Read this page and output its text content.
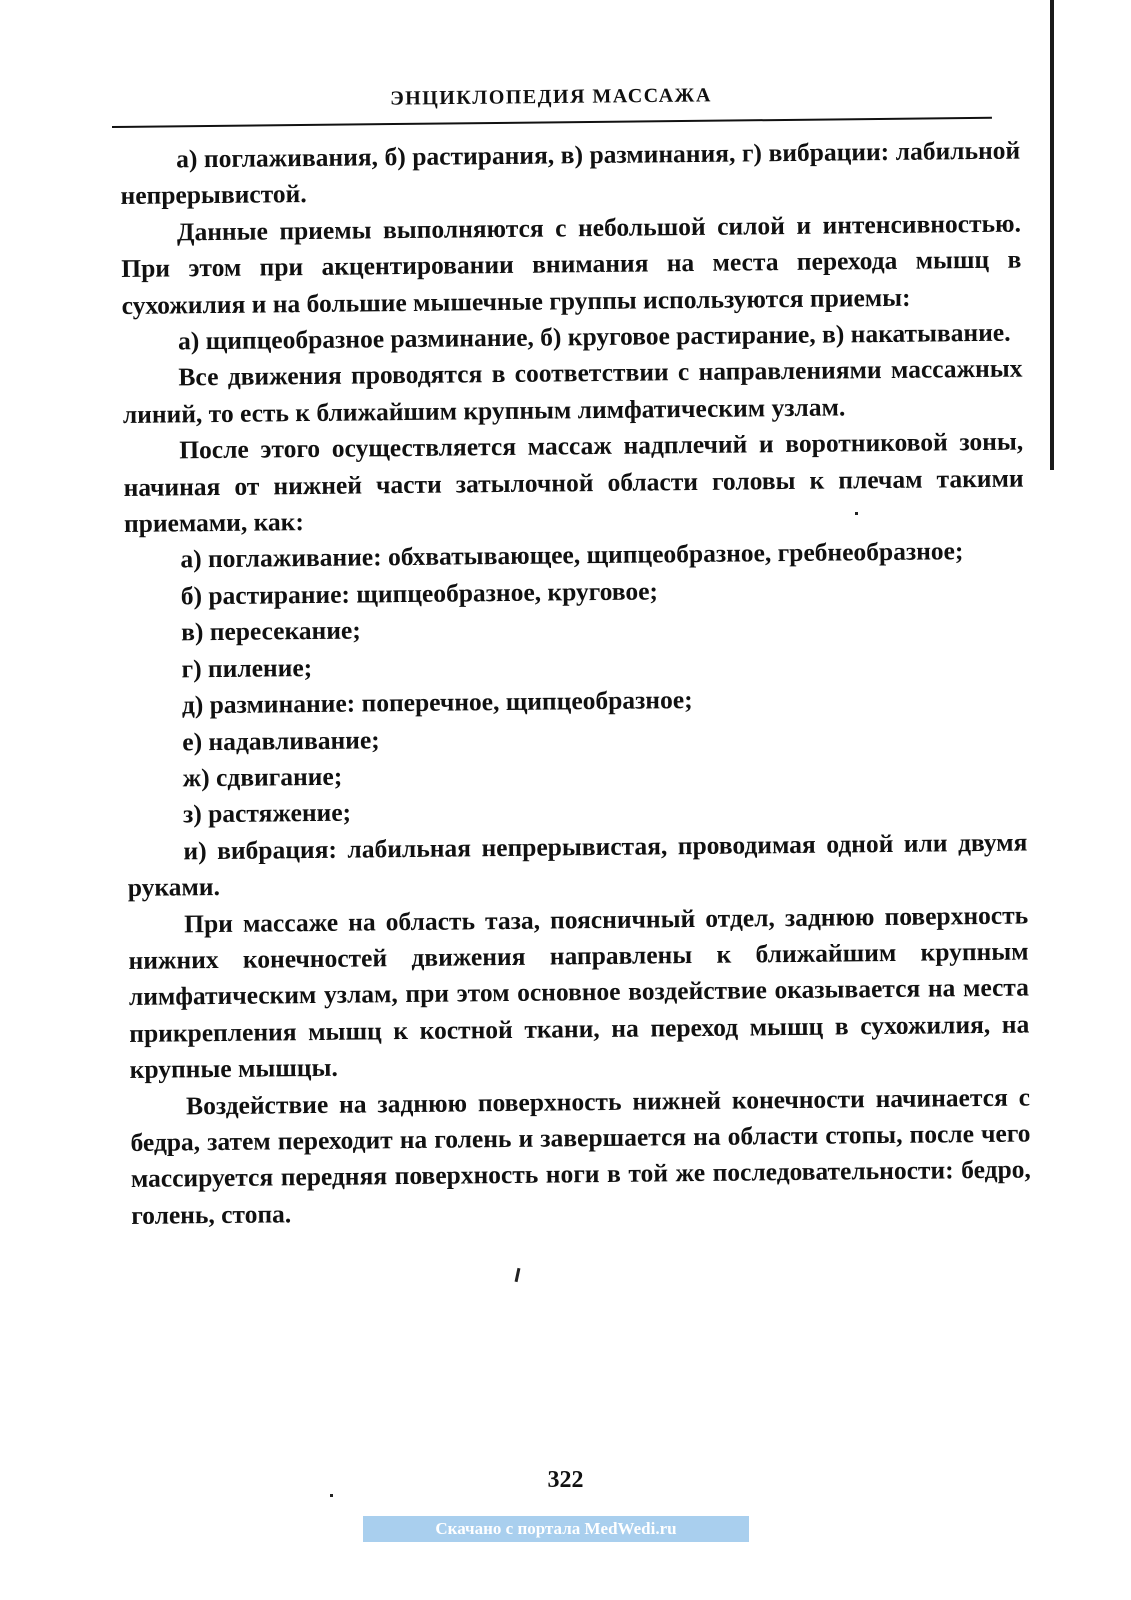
ЭНЦИКЛОПЕДИЯ МАССАЖА

а) поглаживания, б) растирания, в) разминания, г) вибрации: лабильной непрерывистой.

Данные приемы выполняются с небольшой силой и интенсивностью. При этом при акцентировании внимания на места перехода мышц в сухожилия и на большие мышечные группы используются приемы:

а) щипцеобразное разминание, б) круговое растирание, в) накатывание.

Все движения проводятся в соответствии с направлениями массажных линий, то есть к ближайшим крупным лимфатическим узлам.

После этого осуществляется массаж надплечий и воротниковой зоны, начиная от нижней части затылочной области головы к плечам такими приемами, как:

а) поглаживание: обхватывающее, щипцеобразное, гребнеобразное;

б) растирание: щипцеобразное, круговое;

в) пересекание;

г) пиление;

д) разминание: поперечное, щипцеобразное;

е) надавливание;

ж) сдвигание;

з) растяжение;

и) вибрация: лабильная непрерывистая, проводимая одной или двумя руками.

При массаже на область таза, поясничный отдел, заднюю поверхность нижних конечностей движения направлены к ближайшим крупным лимфатическим узлам, при этом основное воздействие оказывается на места прикрепления мышц к костной ткани, на переход мышц в сухожилия, на крупные мышцы.

Воздействие на заднюю поверхность нижней конечности начинается с бедра, затем переходит на голень и завершается на области стопы, после чего массируется передняя поверхность ноги в той же последовательности: бедро, голень, стопа.

322
Скачано с портала MedWedi.ru
